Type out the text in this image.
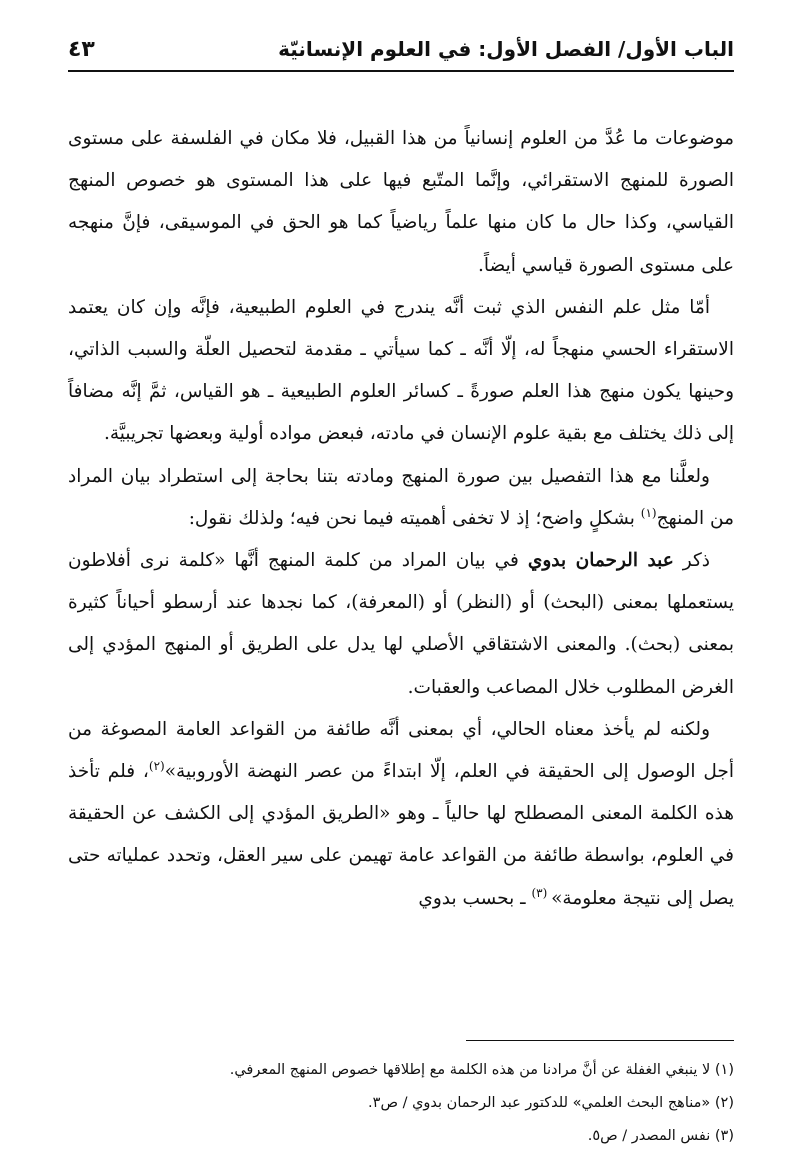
الباب الأول/ الفصل الأول: في العلوم الإنسانيّة
٤٣

موضوعات ما عُدَّ من العلوم إنسانياً من هذا القبيل، فلا مكان في الفلسفة على مستوى الصورة للمنهج الاستقرائي، وإنَّما المتّبع فيها على هذا المستوى هو خصوص المنهج القياسي، وكذا حال ما كان منها علماً رياضياً كما هو الحق في الموسيقى، فإنَّ منهجه على مستوى الصورة قياسي أيضاً.

أمّا مثل علم النفس الذي ثبت أنَّه يندرج في العلوم الطبيعية، فإنَّه وإن كان يعتمد الاستقراء الحسي منهجاً له، إلّا أنَّه ـ كما سيأتي ـ مقدمة لتحصيل العلّة والسبب الذاتي، وحينها يكون منهج هذا العلم صورةً ـ كسائر العلوم الطبيعية ـ هو القياس، ثمَّ إنَّه مضافاً إلى ذلك يختلف مع بقية علوم الإنسان في مادته، فبعض مواده أولية وبعضها تجريبيَّة.

ولعلَّنا مع هذا التفصيل بين صورة المنهج ومادته بتنا بحاجة إلى استطراد بيان المراد من المنهج$^{(١)}$ بشكلٍ واضح؛ إذ لا تخفى أهميته فيما نحن فيه؛ ولذلك نقول:

ذكر عبد الرحمان بدوي في بيان المراد من كلمة المنهج أنَّها «كلمة نرى أفلاطون يستعملها بمعنى (البحث) أو (النظر) أو (المعرفة)، كما نجدها عند أرسطو أحياناً كثيرة بمعنى (بحث). والمعنى الاشتقاقي الأصلي لها يدل على الطريق أو المنهج المؤدي إلى الغرض المطلوب خلال المصاعب والعقبات.

ولكنه لم يأخذ معناه الحالي، أي بمعنى أنَّه طائفة من القواعد العامة المصوغة من أجل الوصول إلى الحقيقة في العلم، إلّا ابتداءً من عصر النهضة الأوروبية»$^{(٢)}$، فلم تأخذ هذه الكلمة المعنى المصطلح لها حالياً ـ وهو «الطريق المؤدي إلى الكشف عن الحقيقة في العلوم، بواسطة طائفة من القواعد عامة تهيمن على سير العقل، وتحدد عملياته حتى يصل إلى نتيجة معلومة» $^{(٣)}$ ـ بحسب بدوي

(١) لا ينبغي الغفلة عن أنَّ مرادنا من هذه الكلمة مع إطلاقها خصوص المنهج المعرفي.
(٢) «مناهج البحث العلمي» للدكتور عبد الرحمان بدوي / ص٣.
(٣) نفس المصدر / ص٥.
